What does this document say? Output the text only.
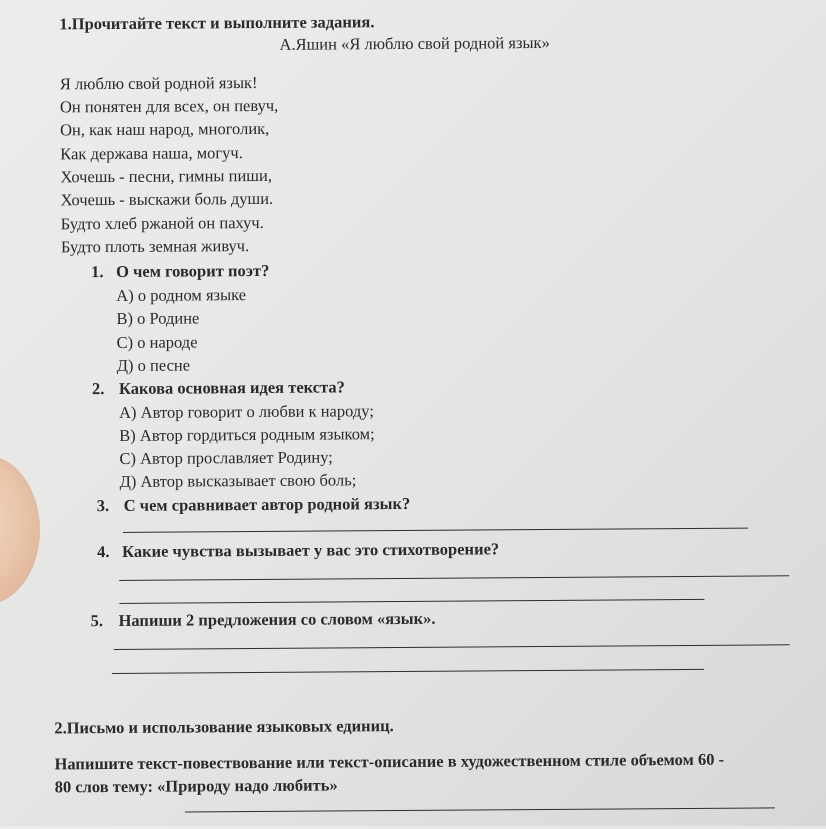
1.Прочитайте текст и выполните задания.
А.Яшин «Я люблю свой родной язык»
Я люблю свой родной язык!
Он понятен для всех, он певуч,
Он, как наш народ, многолик,
Как держава наша, могуч.
Хочешь - песни, гимны пиши,
Хочешь - выскажи боль души.
Будто хлеб ржаной он пахуч.
Будто плоть земная живуч.
1. О чем говорит поэт?
А) о родном языке
В) о Родине
С) о народе
Д) о песне
2. Какова основная идея текста?
А) Автор говорит о любви к народу;
В) Автор гордиться родным языком;
С) Автор прославляет Родину;
Д) Автор высказывает свою боль;
3. С чем сравнивает автор родной язык?
4. Какие чувства вызывает у вас это стихотворение?
5. Напиши 2 предложения со словом «язык».
2.Письмо и использование языковых единиц.
Напишите текст-повествование или текст-описание в художественном стиле объемом 60 -
80 слов тему: «Природу надо любить»
